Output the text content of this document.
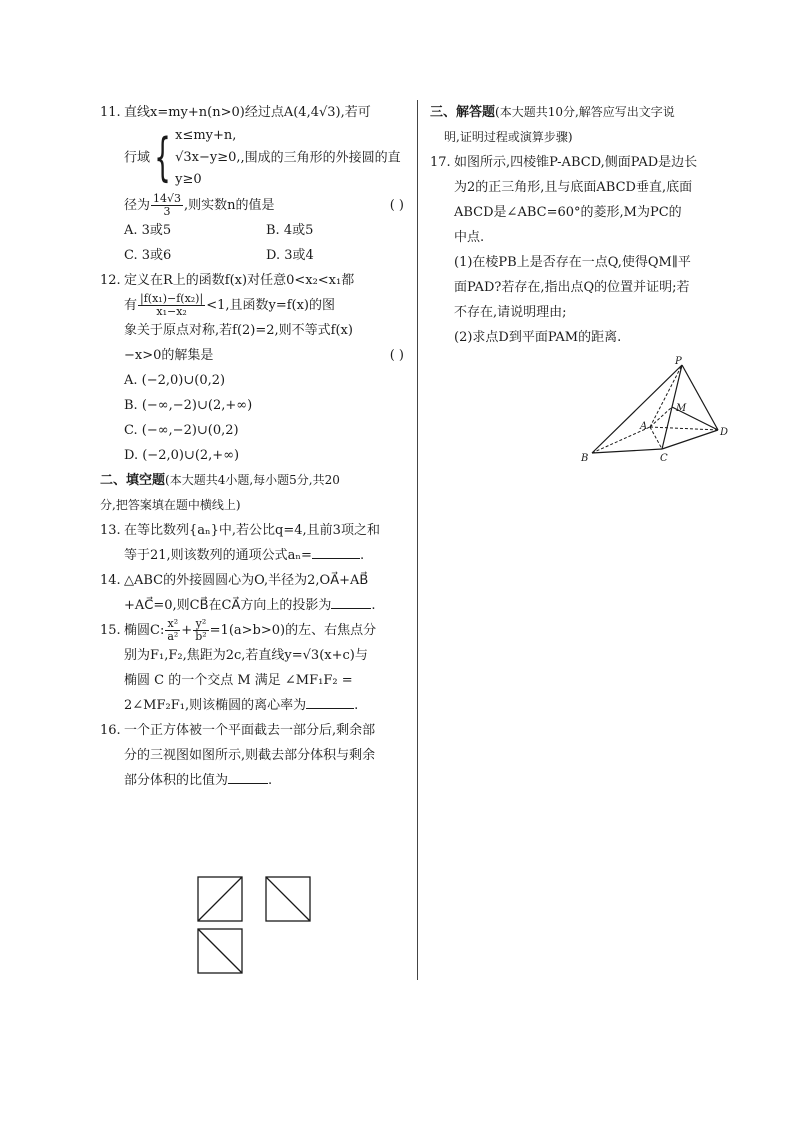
11. 直线x=my+n(n>0)经过点A(4,4√3),若可
行域 { x≤my+n,
√3x−y≥0,
y≥0
,围成的三角形的外接圆的直
径为 $\frac{14√3}{3}$ ,则实数n的值是	( )
A. 3或5	B. 4或5
C. 3或6	D. 3或4
12. 定义在R上的函数f(x)对任意0<x₂<x₁都
有 $\frac{\text{|f(x₁)−f(x₂)|}}{\text{x₁−x₂}} <1$,且函数y=f(x)的图
象关于原点对称,若f(2)=2,则不等式f(x)
−x>0的解集是	( )
A. (−2,0)∪(0,2)
B. (−∞,−2)∪(2,+∞)
C. (−∞,−2)∪(0,2)
D. (−2,0)∪(2,+∞)
二、填空题(本大题共4小题,每小题5分,共20
分,把答案填在题中横线上)
13. 在等比数列{aₙ}中,若公比q=4,且前3项之和
等于21,则该数列的通项公式aₙ=	.
14. △ABC的外接圆圆心为O,半径为2,OA⃗+AB⃗
+AC⃗=0,则CB⃗在CA⃗方向上的投影为	.
15. 椭圆C: $\frac{\text{x²}}{\text{a²}} + \frac{\text{y²}}{\text{b²}} =1(a>b>0)$的左、右焦点分
别为F₁,F₂,焦距为2c,若直线y=√3(x+c)与
椭圆 C 的一个交点 M 满足 ∠MF₁F₂ =
2∠MF₂F₁,则该椭圆的离心率为	.
16. 一个正方体被一个平面截去一部分后,剩余部
分的三视图如图所示,则截去部分体积与剩余
部分体积的比值为	.
三、解答题(本大题共10分,解答应写出文字说
明,证明过程或演算步骤)
17. 如图所示,四棱锥P-ABCD,侧面PAD是边长
为2的正三角形,且与底面ABCD垂直,底面
ABCD是∠ABC=60°的菱形,M为PC的
中点.
(1)在棱PB上是否存在一点Q,使得QM∥平
面PAD?若存在,指出点Q的位置并证明;若
不存在,请说明理由;
(2)求点D到平面PAM的距离.
P
M
A
B	C
D
